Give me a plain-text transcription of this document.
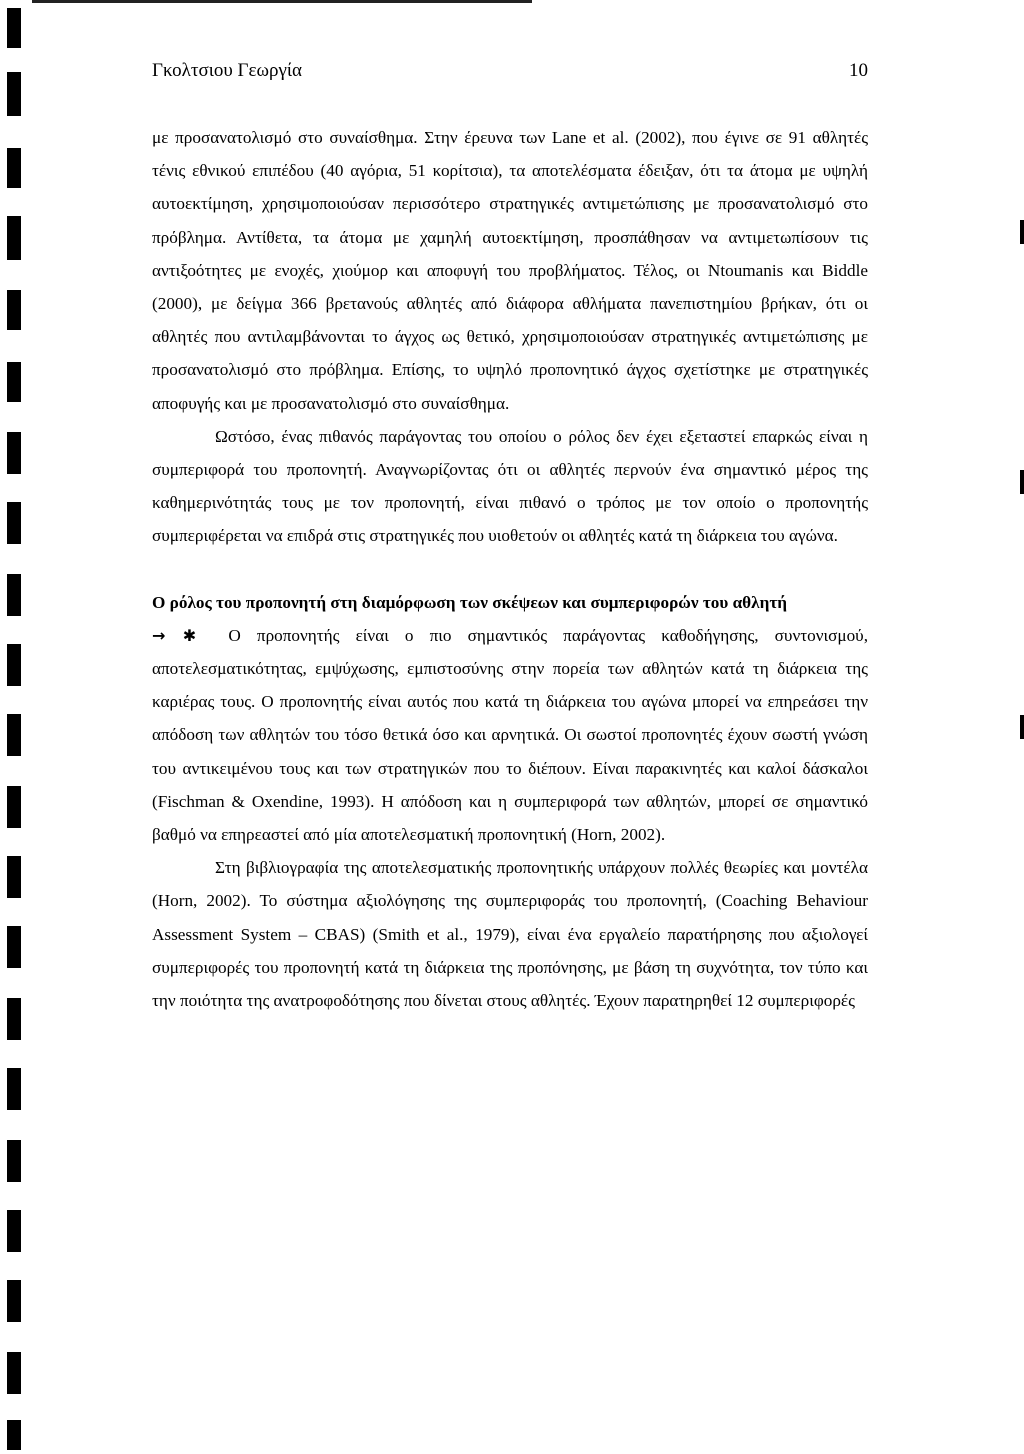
Γκολτσιου Γεωργία	10

με προσανατολισμό στο συναίσθημα. Στην έρευνα των Lane et al. (2002), που έγινε σε 91 αθλητές τένις εθνικού επιπέδου (40 αγόρια, 51 κορίτσια), τα αποτελέσματα έδειξαν, ότι τα άτομα με υψηλή αυτοεκτίμηση, χρησιμοποιούσαν περισσότερο στρατηγικές αντιμετώπισης με προσανατολισμό στο πρόβλημα. Αντίθετα, τα άτομα με χαμηλή αυτοεκτίμηση, προσπάθησαν να αντιμετωπίσουν τις αντιξοότητες με ενοχές, χιούμορ και αποφυγή του προβλήματος. Τέλος, οι Ntoumanis και Biddle (2000), με δείγμα 366 βρετανούς αθλητές από διάφορα αθλήματα πανεπιστημίου βρήκαν, ότι οι αθλητές που αντιλαμβάνονται το άγχος ως θετικό, χρησιμοποιούσαν στρατηγικές αντιμετώπισης με προσανατολισμό στο πρόβλημα. Επίσης, το υψηλό προπονητικό άγχος σχετίστηκε με στρατηγικές αποφυγής και με προσανατολισμό στο συναίσθημα.

Ωστόσο, ένας πιθανός παράγοντας του οποίου ο ρόλος δεν έχει εξεταστεί επαρκώς είναι η συμπεριφορά του προπονητή. Αναγνωρίζοντας ότι οι αθλητές περνούν ένα σημαντικό μέρος της καθημερινότητάς τους με τον προπονητή, είναι πιθανό ο τρόπος με τον οποίο ο προπονητής συμπεριφέρεται να επιδρά στις στρατηγικές που υιοθετούν οι αθλητές κατά τη διάρκεια του αγώνα.

Ο ρόλος του προπονητή στη διαμόρφωση των σκέψεων και συμπεριφορών του αθλητή

→ ✱ Ο προπονητής είναι ο πιο σημαντικός παράγοντας καθοδήγησης, συντονισμού, αποτελεσματικότητας, εμψύχωσης, εμπιστοσύνης στην πορεία των αθλητών κατά τη διάρκεια της καριέρας τους. Ο προπονητής είναι αυτός που κατά τη διάρκεια του αγώνα μπορεί να επηρεάσει την απόδοση των αθλητών του τόσο θετικά όσο και αρνητικά. Οι σωστοί προπονητές έχουν σωστή γνώση του αντικειμένου τους και των στρατηγικών που το διέπουν. Είναι παρακινητές και καλοί δάσκαλοι (Fischman & Oxendine, 1993). Η απόδοση και η συμπεριφορά των αθλητών, μπορεί σε σημαντικό βαθμό να επηρεαστεί από μία αποτελεσματική προπονητική (Horn, 2002).

Στη βιβλιογραφία της αποτελεσματικής προπονητικής υπάρχουν πολλές θεωρίες και μοντέλα (Horn, 2002). Το σύστημα αξιολόγησης της συμπεριφοράς του προπονητή, (Coaching Behaviour Assessment System – CBAS) (Smith et al., 1979), είναι ένα εργαλείο παρατήρησης που αξιολογεί συμπεριφορές του προπονητή κατά τη διάρκεια της προπόνησης, με βάση τη συχνότητα, τον τύπο και την ποιότητα της ανατροφοδότησης που δίνεται στους αθλητές. Έχουν παρατηρηθεί 12 συμπεριφορές
